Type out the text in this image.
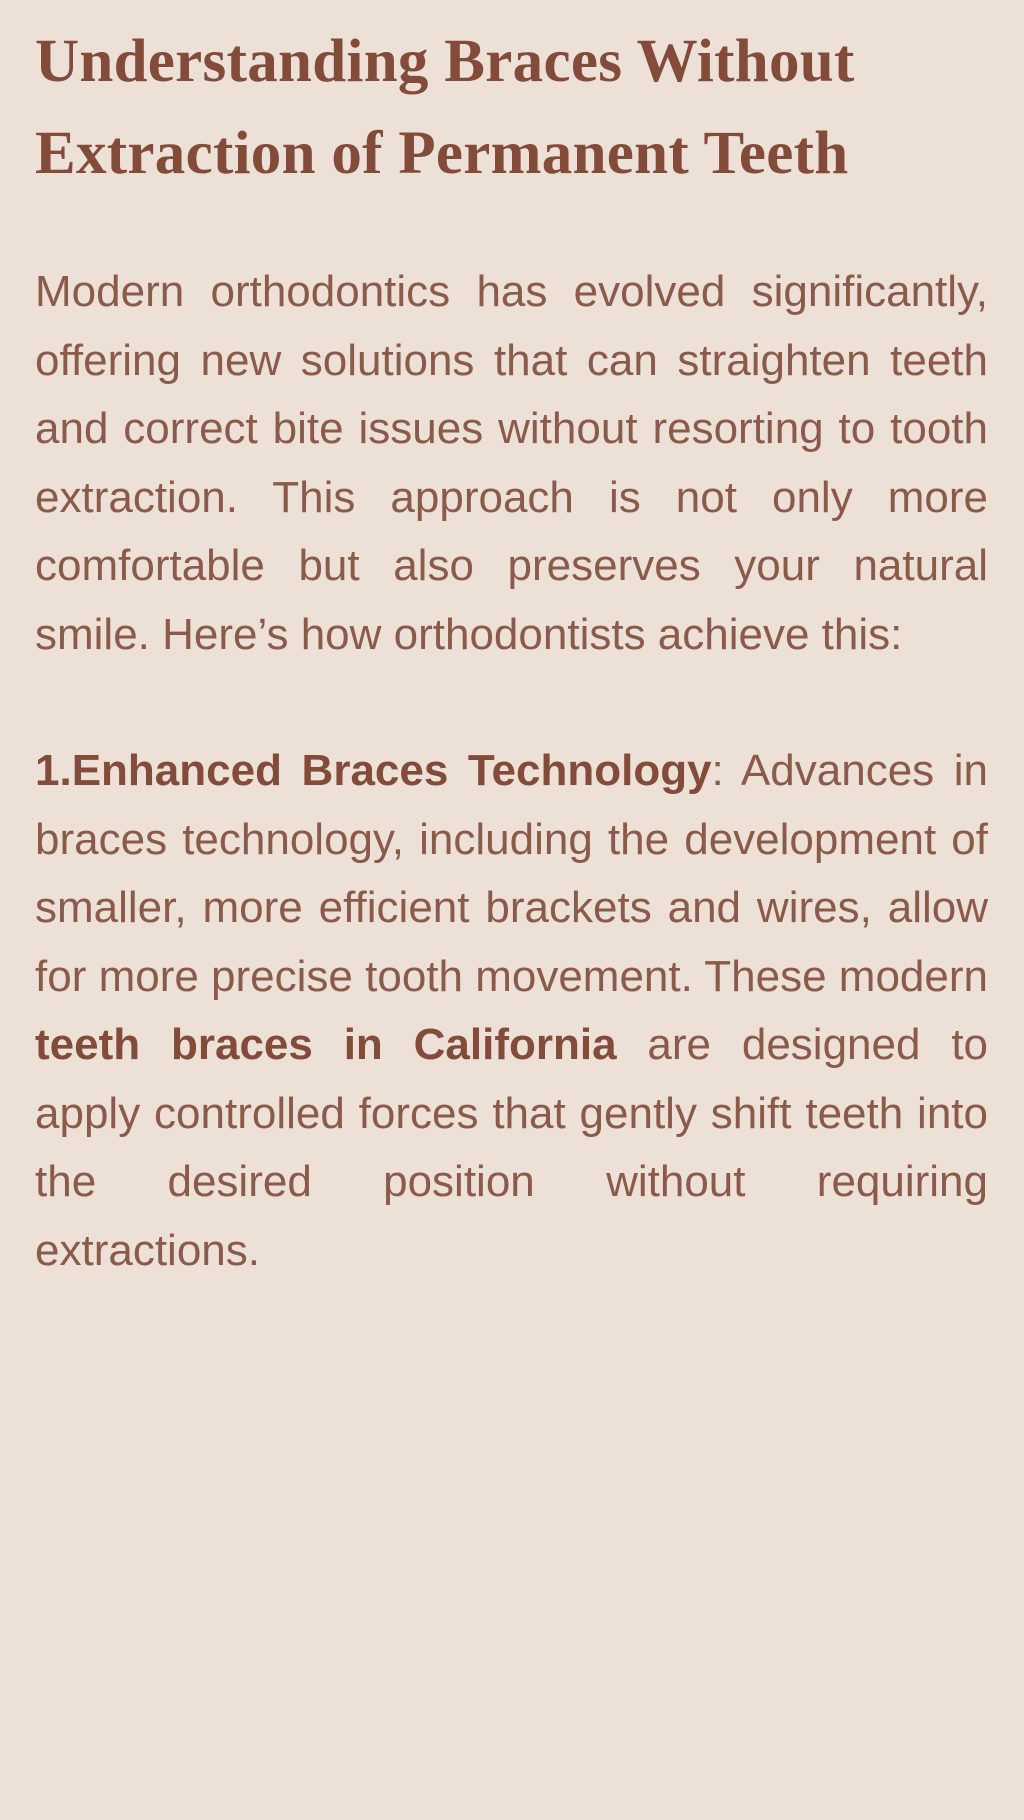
Understanding Braces Without Extraction of Permanent Teeth

Modern orthodontics has evolved significantly, offering new solutions that can straighten teeth and correct bite issues without resorting to tooth extraction. This approach is not only more comfortable but also preserves your natural smile. Here’s how orthodontists achieve this:

1.Enhanced Braces Technology: Advances in braces technology, including the development of smaller, more efficient brackets and wires, allow for more precise tooth movement. These modern teeth braces in California are designed to apply controlled forces that gently shift teeth into the desired position without requiring extractions.
